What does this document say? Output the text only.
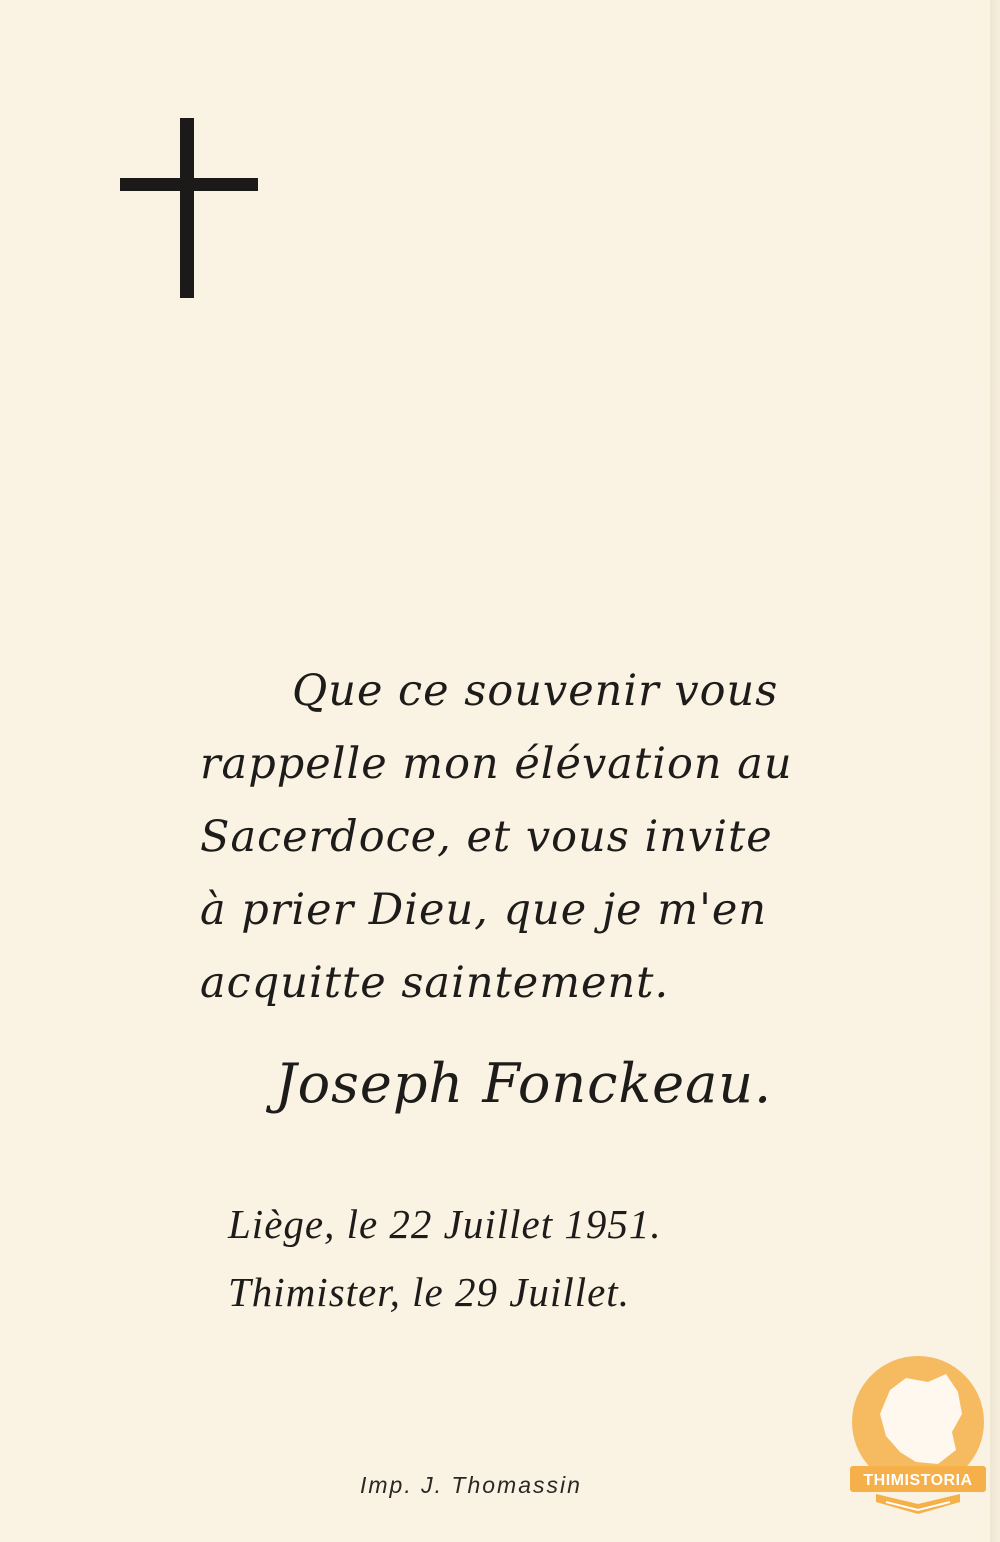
Que ce souvenir vous
rappelle mon élévation au
Sacerdoce, et vous invite
à prier Dieu, que je m'en
acquitte saintement.

Joseph Fonckeau.
Liège, le 22 Juillet 1951.
Thimister, le 29 Juillet.
Imp. J. Thomassin	THIMISTORIA
